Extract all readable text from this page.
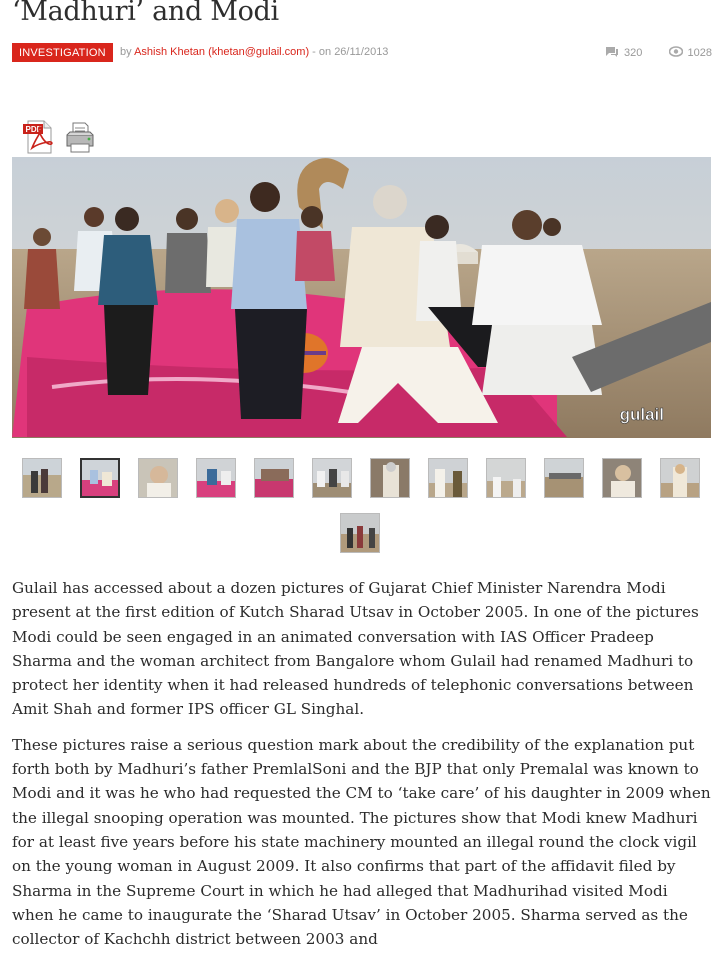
‘Madhuri’ and Modi
INVESTIGATION	by Ashish Khetan (khetan@gulail.com) - on 26/11/2013	320	1028
PDF
gulail

Gulail has accessed about a dozen pictures of Gujarat Chief Minister Narendra Modi present at the first edition of Kutch Sharad Utsav in October 2005. In one of the pictures Modi could be seen engaged in an animated conversation with IAS Officer Pradeep Sharma and the woman architect from Bangalore whom Gulail had renamed Madhuri to protect her identity when it had released hundreds of telephonic conversations between Amit Shah and former IPS officer GL Singhal.

These pictures raise a serious question mark about the credibility of the explanation put forth both by Madhuri’s father PremlalSoni and the BJP that only Premalal was known to Modi and it was he who had requested the CM to ‘take care’ of his daughter in 2009 when the illegal snooping operation was mounted. The pictures show that Modi knew Madhuri for at least five years before his state machinery mounted an illegal round the clock vigil on the young woman in August 2009. It also confirms that part of the affidavit filed by Sharma in the Supreme Court in which he had alleged that Madhurihad visited Modi when he came to inaugurate the ‘Sharad Utsav’ in October 2005. Sharma served as the collector of Kachchh district between 2003 and
